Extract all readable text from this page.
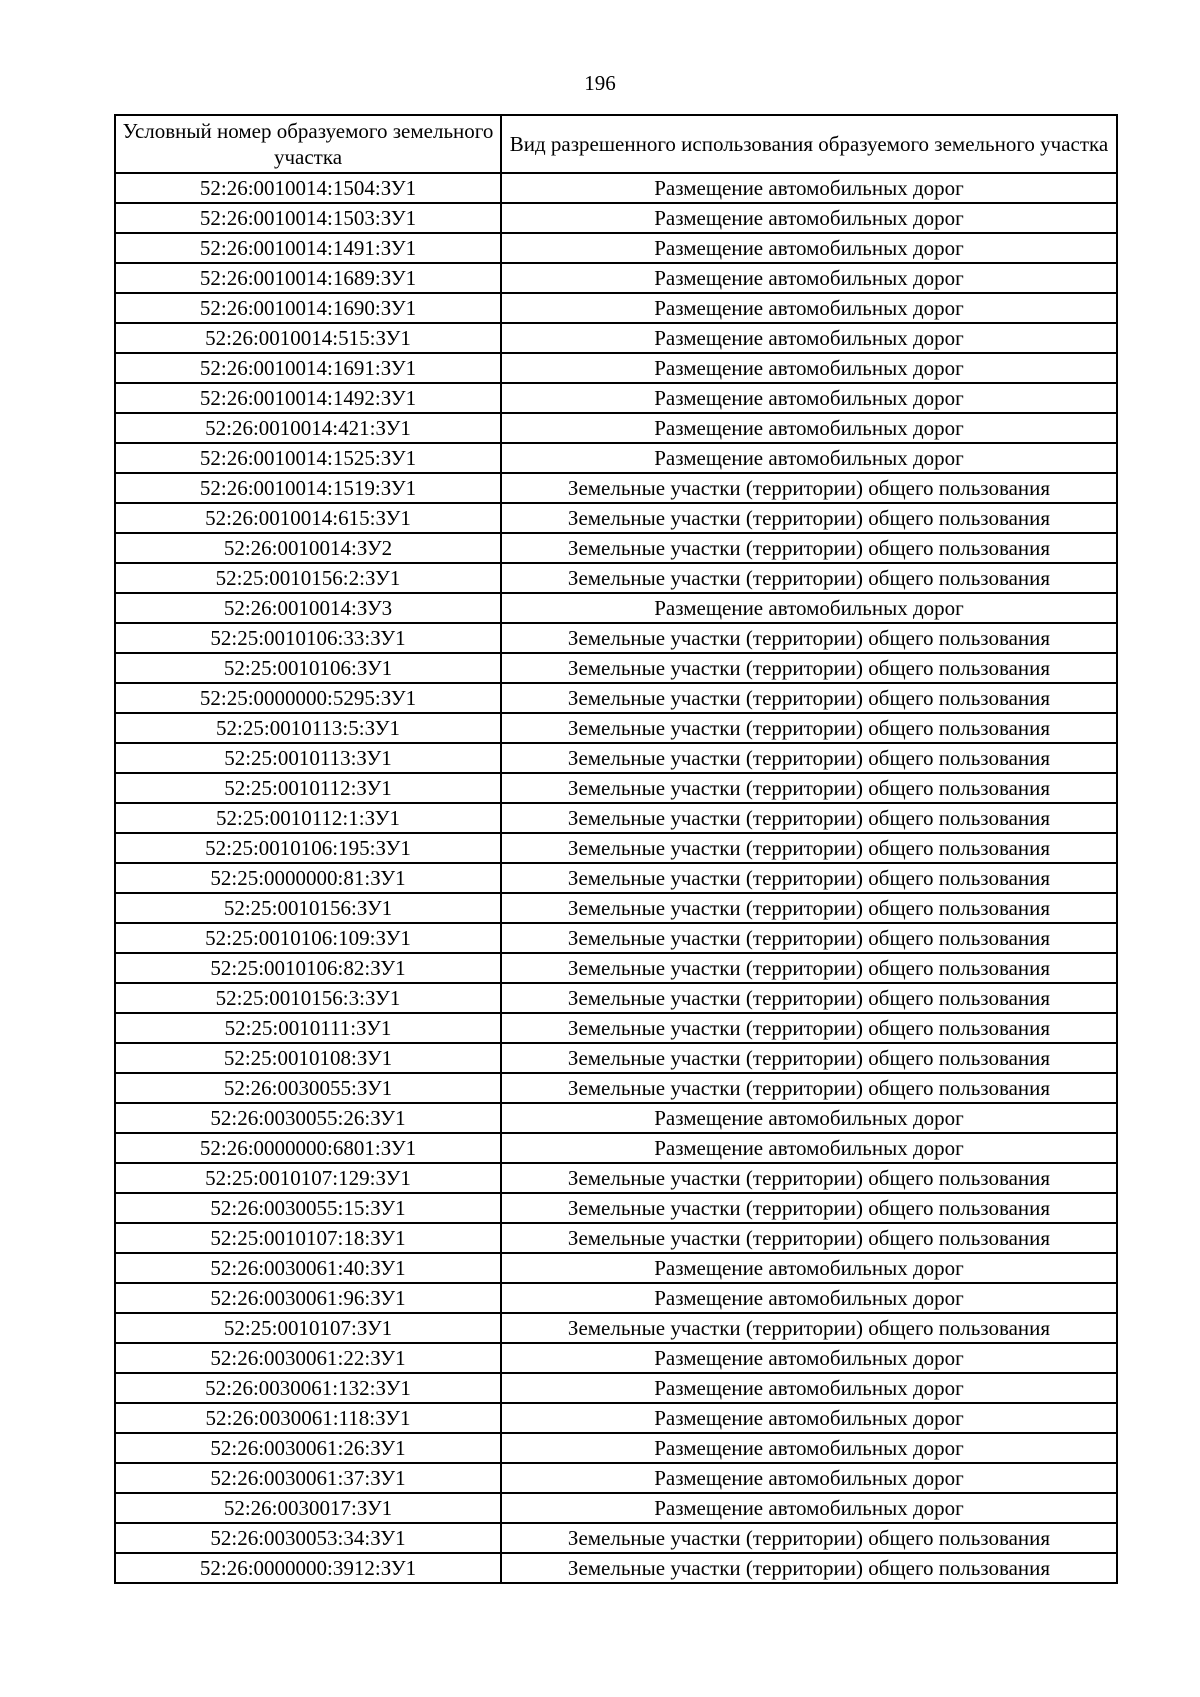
196
Условный номер образуемого земельного участка	Вид разрешенного использования образуемого земельного участка
52:26:0010014:1504:ЗУ1	Размещение автомобильных дорог
52:26:0010014:1503:ЗУ1	Размещение автомобильных дорог
52:26:0010014:1491:ЗУ1	Размещение автомобильных дорог
52:26:0010014:1689:ЗУ1	Размещение автомобильных дорог
52:26:0010014:1690:ЗУ1	Размещение автомобильных дорог
52:26:0010014:515:ЗУ1	Размещение автомобильных дорог
52:26:0010014:1691:ЗУ1	Размещение автомобильных дорог
52:26:0010014:1492:ЗУ1	Размещение автомобильных дорог
52:26:0010014:421:ЗУ1	Размещение автомобильных дорог
52:26:0010014:1525:ЗУ1	Размещение автомобильных дорог
52:26:0010014:1519:ЗУ1	Земельные участки (территории) общего пользования
52:26:0010014:615:ЗУ1	Земельные участки (территории) общего пользования
52:26:0010014:ЗУ2	Земельные участки (территории) общего пользования
52:25:0010156:2:ЗУ1	Земельные участки (территории) общего пользования
52:26:0010014:ЗУ3	Размещение автомобильных дорог
52:25:0010106:33:ЗУ1	Земельные участки (территории) общего пользования
52:25:0010106:ЗУ1	Земельные участки (территории) общего пользования
52:25:0000000:5295:ЗУ1	Земельные участки (территории) общего пользования
52:25:0010113:5:ЗУ1	Земельные участки (территории) общего пользования
52:25:0010113:ЗУ1	Земельные участки (территории) общего пользования
52:25:0010112:ЗУ1	Земельные участки (территории) общего пользования
52:25:0010112:1:ЗУ1	Земельные участки (территории) общего пользования
52:25:0010106:195:ЗУ1	Земельные участки (территории) общего пользования
52:25:0000000:81:ЗУ1	Земельные участки (территории) общего пользования
52:25:0010156:ЗУ1	Земельные участки (территории) общего пользования
52:25:0010106:109:ЗУ1	Земельные участки (территории) общего пользования
52:25:0010106:82:ЗУ1	Земельные участки (территории) общего пользования
52:25:0010156:3:ЗУ1	Земельные участки (территории) общего пользования
52:25:0010111:ЗУ1	Земельные участки (территории) общего пользования
52:25:0010108:ЗУ1	Земельные участки (территории) общего пользования
52:26:0030055:ЗУ1	Земельные участки (территории) общего пользования
52:26:0030055:26:ЗУ1	Размещение автомобильных дорог
52:26:0000000:6801:ЗУ1	Размещение автомобильных дорог
52:25:0010107:129:ЗУ1	Земельные участки (территории) общего пользования
52:26:0030055:15:ЗУ1	Земельные участки (территории) общего пользования
52:25:0010107:18:ЗУ1	Земельные участки (территории) общего пользования
52:26:0030061:40:ЗУ1	Размещение автомобильных дорог
52:26:0030061:96:ЗУ1	Размещение автомобильных дорог
52:25:0010107:ЗУ1	Земельные участки (территории) общего пользования
52:26:0030061:22:ЗУ1	Размещение автомобильных дорог
52:26:0030061:132:ЗУ1	Размещение автомобильных дорог
52:26:0030061:118:ЗУ1	Размещение автомобильных дорог
52:26:0030061:26:ЗУ1	Размещение автомобильных дорог
52:26:0030061:37:ЗУ1	Размещение автомобильных дорог
52:26:0030017:ЗУ1	Размещение автомобильных дорог
52:26:0030053:34:ЗУ1	Земельные участки (территории) общего пользования
52:26:0000000:3912:ЗУ1	Земельные участки (территории) общего пользования
